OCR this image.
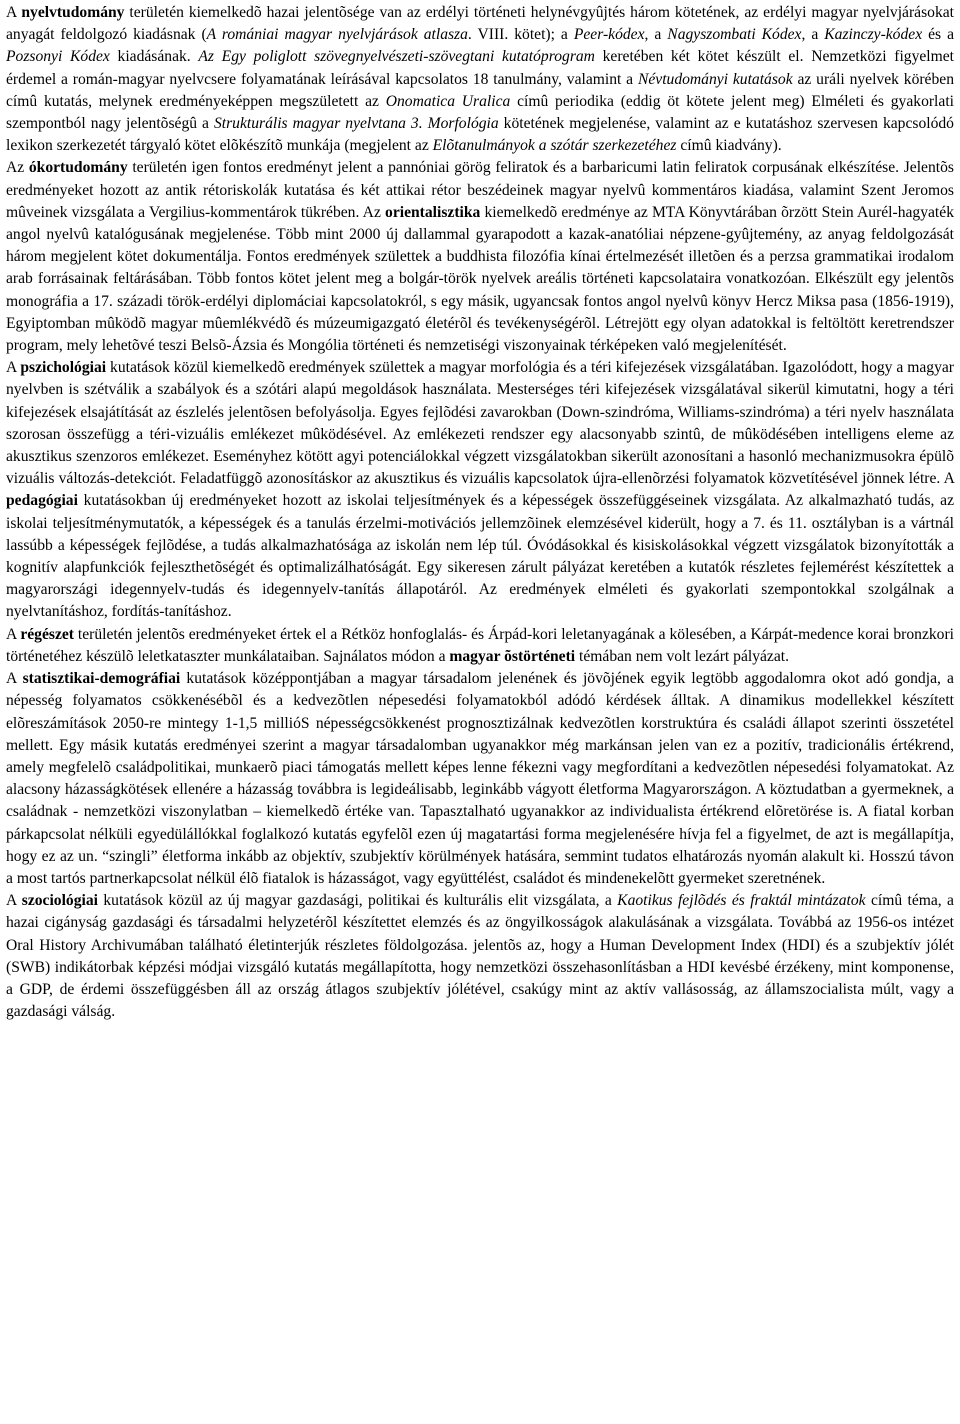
A nyelvtudomány területén kiemelkedõ hazai jelentõsége van az erdélyi történeti helynévgyûjtés három kötetének, az erdélyi magyar nyelvjárásokat anyagát feldolgozó kiadásnak (A romániai magyar nyelvjárások atlasza. VIII. kötet); a Peer-kódex, a Nagyszombati Kódex, a Kazinczy-kódex és a Pozsonyi Kódex kiadásának. Az Egy poliglott szövegnyelvészeti-szövegtani kutatóprogram keretében két kötet készült el. Nemzetközi figyelmet érdemel a román-magyar nyelvcsere folyamatának leírásával kapcsolatos 18 tanulmány, valamint a Névtudományi kutatások az uráli nyelvek körében címû kutatás, melynek eredményeképpen megszületett az Onomatica Uralica címû periodika (eddig öt kötete jelent meg) Elméleti és gyakorlati szempontból nagy jelentõségû a Strukturális magyar nyelvtana 3. Morfológia kötetének megjelenése, valamint az e kutatáshoz szervesen kapcsolódó lexikon szerkezetét tárgyaló kötet elõkészítõ munkája (megjelent az Elõtanulmányok a szótár szerkezetéhez címû kiadvány).

Az ókortudomány területén igen fontos eredményt jelent a pannóniai görög feliratok és a barbaricumi latin feliratok corpusának elkészítése. Jelentõs eredményeket hozott az antik rétoriskolák kutatása és két attikai rétor beszédeinek magyar nyelvû kommentáros kiadása, valamint Szent Jeromos mûveinek vizsgálata a Vergilius-kommentárok tükrében. Az orientalisztika kiemelkedõ eredménye az MTA Könyvtárában õrzött Stein Aurél-hagyaték angol nyelvû katalógusának megjelenése. Több mint 2000 új dallammal gyarapodott a kazak-anatóliai népzene-gyûjtemény, az anyag feldolgozását három megjelent kötet dokumentálja. Fontos eredmények születtek a buddhista filozófia kínai értelmezését illetõen és a perzsa grammatikai irodalom arab forrásainak feltárásában. Több fontos kötet jelent meg a bolgár-török nyelvek areális történeti kapcsolataira vonatkozóan. Elkészült egy jelentõs monográfia a 17. századi török-erdélyi diplomáciai kapcsolatokról, s egy másik, ugyancsak fontos angol nyelvû könyv Hercz Miksa pasa (1856-1919), Egyiptomban mûködõ magyar mûemlékvédõ és múzeumigazgató életérõl és tevékenységérõl. Létrejött egy olyan adatokkal is feltöltött keretrendszer program, mely lehetõvé teszi Belsõ-Ázsia és Mongólia történeti és nemzetiségi viszonyainak térképeken való megjelenítését.

A pszichológiai kutatások közül kiemelkedõ eredmények születtek a magyar morfológia és a téri kifejezések vizsgálatában. Igazolódott, hogy a magyar nyelvben is szétválik a szabályok és a szótári alapú megoldások használata. Mesterséges téri kifejezések vizsgálatával sikerül kimutatni, hogy a téri kifejezések elsajátítását az észlelés jelentõsen befolyásolja. Egyes fejlõdési zavarokban (Down-szindróma, Williams-szindróma) a téri nyelv használata szorosan összefügg a téri-vizuális emlékezet mûködésével. Az emlékezeti rendszer egy alacsonyabb szintû, de mûködésében intelligens eleme az akusztikus szenzoros emlékezet. Eseményhez kötött agyi potenciálokkal végzett vizsgálatokban sikerült azonosítani a hasonló mechanizmusokra épülõ vizuális változás-detekciót. Feladatfüggõ azonosításkor az akusztikus és vizuális kapcsolatok újra-ellenõrzési folyamatok közvetítésével jönnek létre. A pedagógiai kutatásokban új eredményeket hozott az iskolai teljesítmények és a képességek összefüggéseinek vizsgálata. Az alkalmazható tudás, az iskolai teljesítménymutatók, a képességek és a tanulás érzelmi-motivációs jellemzõinek elemzésével kiderült, hogy a 7. és 11. osztályban is a vártnál lassúbb a képességek fejlõdése, a tudás alkalmazhatósága az iskolán nem lép túl. Óvódásokkal és kisiskolásokkal végzett vizsgálatok bizonyították a kognitív alapfunkciók fejleszthetõségét és optimalizálhatóságát. Egy sikeresen zárult pályázat keretében a kutatók részletes fejlemérést készítettek a magyarországi idegennyelv-tudás és idegennyelv-tanítás állapotáról. Az eredmények elméleti és gyakorlati szempontokkal szolgálnak a nyelvtanításhoz, fordítás-tanításhoz.

A régészet területén jelentõs eredményeket értek el a Rétköz honfoglalás- és Árpád-kori leletanyagának a kölesében, a Kárpát-medence korai bronzkori történetéhez készülõ leletkataszter munkálataiban. Sajnálatos módon a magyar õstörténeti témában nem volt lezárt pályázat.

A statisztikai-demográfiai kutatások középpontjában a magyar társadalom jelenének és jövõjének egyik legtöbb aggodalomra okot adó gondja, a népesség folyamatos csökkenésébõl és a kedvezõtlen népesedési folyamatokból adódó kérdések álltak. A dinamikus modellekkel készített elõreszámítások 2050-re mintegy 1-1,5 millióS népességcsökkenést prognosztizálnak kedvezõtlen korstruktúra és családi állapot szerinti összetétel mellett. Egy másik kutatás eredményei szerint a magyar társadalomban ugyanakkor még markánsan jelen van ez a pozitív, tradicionális értékrend, amely megfelelõ családpolitikai, munkaerõ piaci támogatás mellett képes lenne fékezni vagy megfordítani a kedvezõtlen népesedési folyamatokat. Az alacsony házasságkötések ellenére a házasság továbbra is legideálisabb, leginkább vágyott életforma Magyarországon. A köztudatban a gyermeknek, a családnak - nemzetközi viszonylatban – kiemelkedõ értéke van. Tapasztalható ugyanakkor az individualista értékrend elõretörése is. A fiatal korban párkapcsolat nélküli egyedülállókkal foglalkozó kutatás egyfelõl ezen új magatartási forma megjelenésére hívja fel a figyelmet, de azt is megállapítja, hogy ez az un. “szingli” életforma inkább az objektív, szubjektív körülmények hatására, semmint tudatos elhatározás nyomán alakult ki. Hosszú távon a most tartós partnerkapcsolat nélkül élõ fiatalok is házasságot, vagy együttélést, családot és mindenekelõtt gyermeket szeretnének.

A szociológiai kutatások közül az új magyar gazdasági, politikai és kulturális elit vizsgálata, a Kaotikus fejlõdés és fraktál mintázatok címû téma, a hazai cigányság gazdasági és társadalmi helyzetérõl készítettet elemzés és az öngyilkosságok alakulásának a vizsgálata. Továbbá az 1956-os intézet Oral History Archivumában található életinterjúk részletes földolgozása. jelentõs az, hogy a Human Development Index (HDI) és a szubjektív jólét (SWB) indikátorbak képzési módjai vizsgáló kutatás megállapította, hogy nemzetközi összehasonlításban a HDI kevésbé érzékeny, mint komponense, a GDP, de érdemi összefüggésben áll az ország átlagos szubjektív jólétével, csakúgy mint az aktív vallásosság, az államszocialista múlt, vagy a gazdasági válság.
